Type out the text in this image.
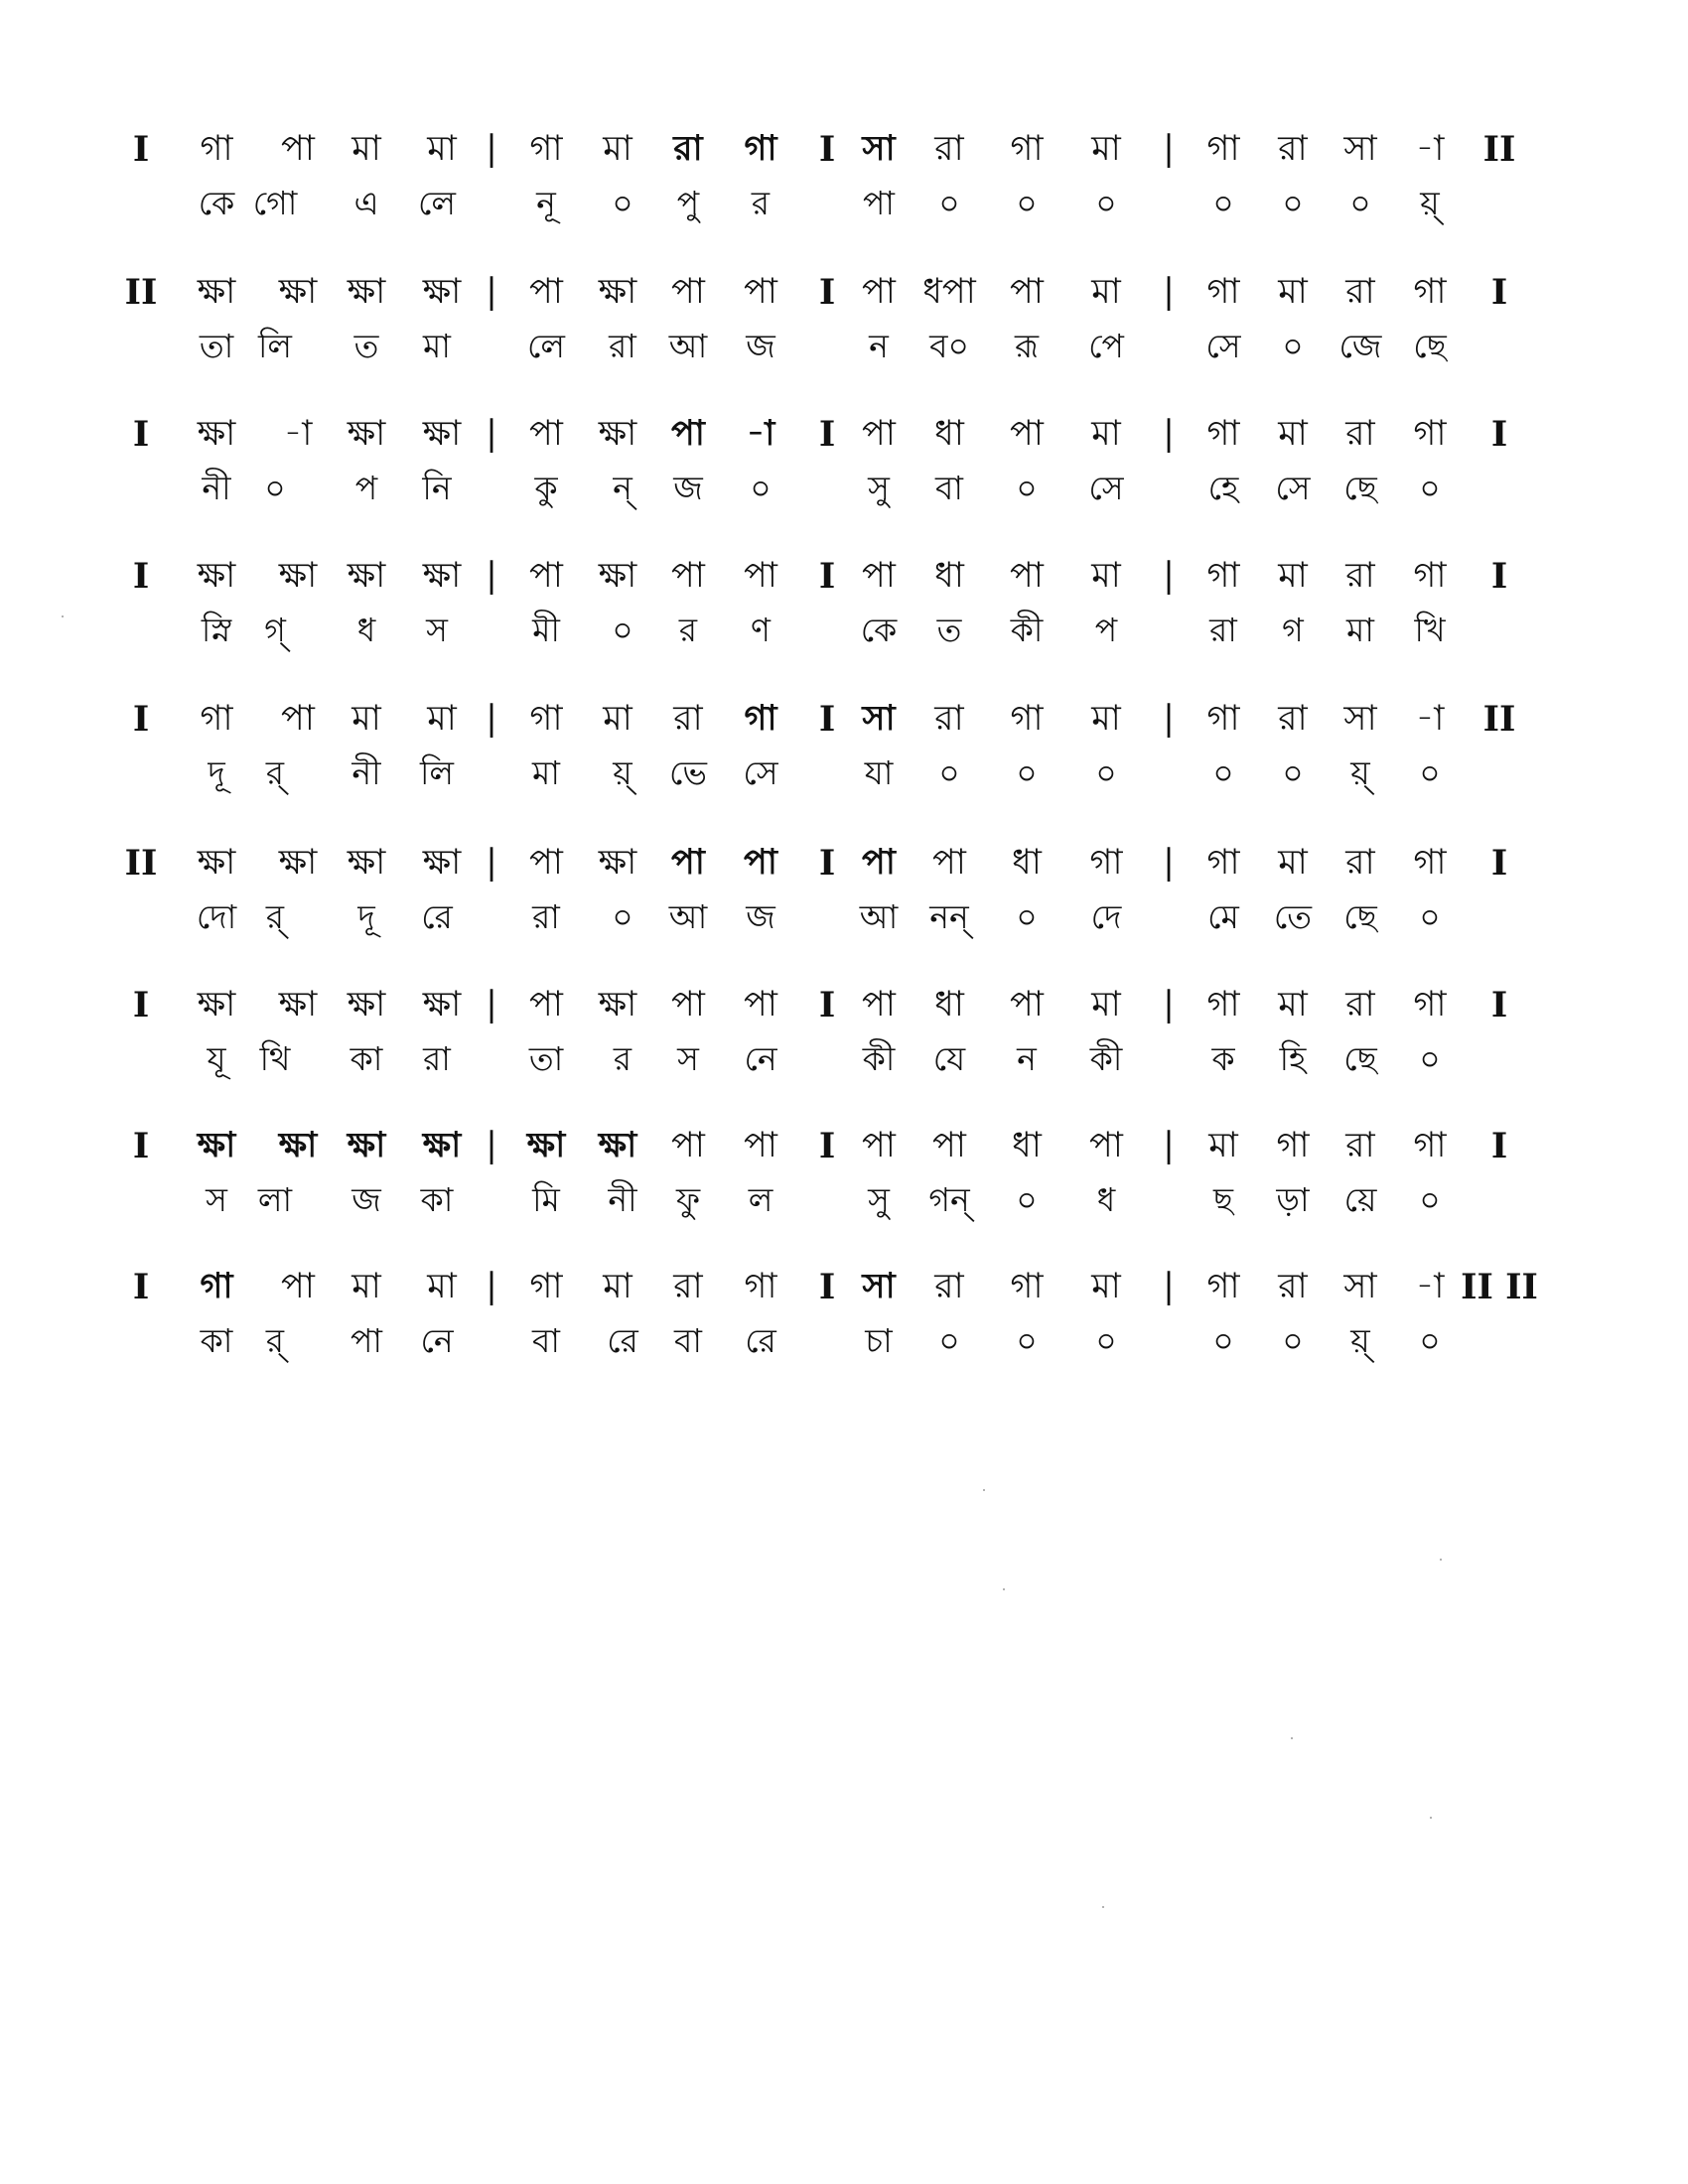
I গা পা মা মা | গা মা রা গা I সা রা গা মা | গা রা সা -া II
কে গো এ লে নূ ০ পু র	পা ০ ০ ০	০ ০ ০ য়্
II ক্ষা ক্ষা ক্ষা ক্ষা | পা ক্ষা পা পা I পা ধপা পা মা | গা মা রা গা I
তা লি ত মা লে রা আ জ	ন ব০ রূ পে	সে ০ জে ছে
I ক্ষা -া ক্ষা ক্ষা | পা ক্ষা পা -া I পা ধা পা মা | গা মা রা গা I
নী ০ প নি	কু ন্ জ ০	সু বা ০ সে	হে সে ছে ০
I ক্ষা ক্ষা ক্ষা ক্ষা | পা ক্ষা পা পা I পা ধা পা মা | গা মা রা গা I
স্নি গ্ ধ স	মী ০ র ণ	কে ত কী প	রা গ মা খি
I গা পা মা মা | গা মা রা গা I সা রা গা মা | গা রা সা -া II
দূ র্ নী লি মা য়্ ভে সে	যা ০ ০ ০	০ ০ য়্ ০
II ক্ষা ক্ষা ক্ষা ক্ষা | পা ক্ষা পা পা I পা পা ধা গা | গা মা রা গা I
দো র্ দূ রে রা ০ আ জ	আ নন্ ০ দে	মে তে ছে ০
I ক্ষা ক্ষা ক্ষা ক্ষা | পা ক্ষা পা পা I পা ধা পা মা | গা মা রা গা I
যূ থি কা রা তা র স নে	কী যে ন কী	ক হি ছে ০
I ক্ষা ক্ষা ক্ষা ক্ষা | ক্ষা ক্ষা পা পা I পা পা ধা পা | মা গা রা গা I
স লা জ কা মি নী ফু ল	সু গন্ ০ ধ	ছ ড়া য়ে ০
I গা পা মা মা | গা মা রা গা I সা রা গা মা | গা রা সা -া II II
কা র্ পা নে বা রে বা রে	চা ০ ০ ০	০ ০ য়্ ০
